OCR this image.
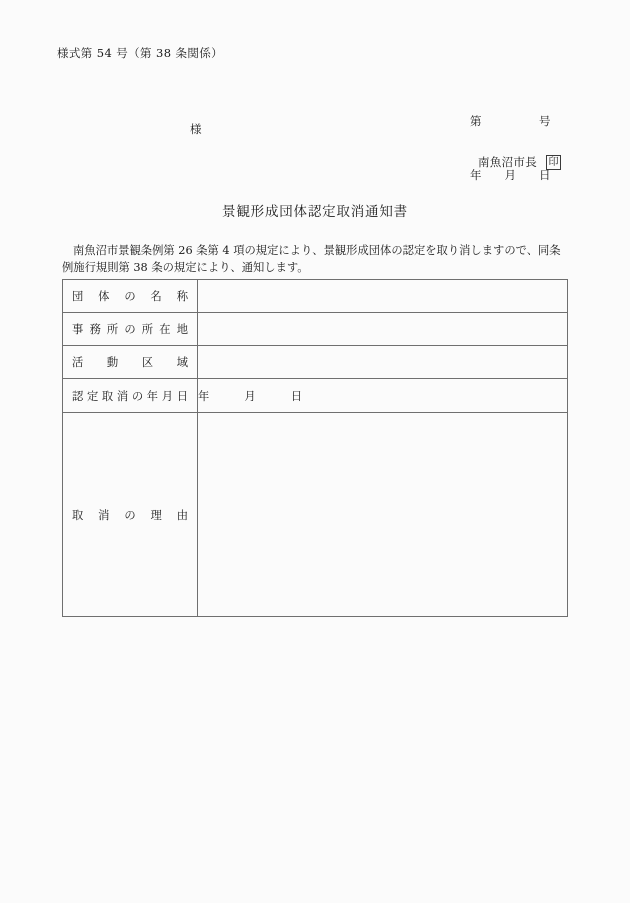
様式第 54 号（第 38 条関係）

第　　　　　号

年　　月　　日

様
南魚沼市長 印
景観形成団体認定取消通知書
南魚沼市景観条例第 26 条第 4 項の規定により、景観形成団体の認定を取り消しますので、同条
例施行規則第 38 条の規定により、通知します。
団体の名称	

事務所の所在地	

活動区域	

認定取消の年月日	年　　　月　　　日

取消の理由	
